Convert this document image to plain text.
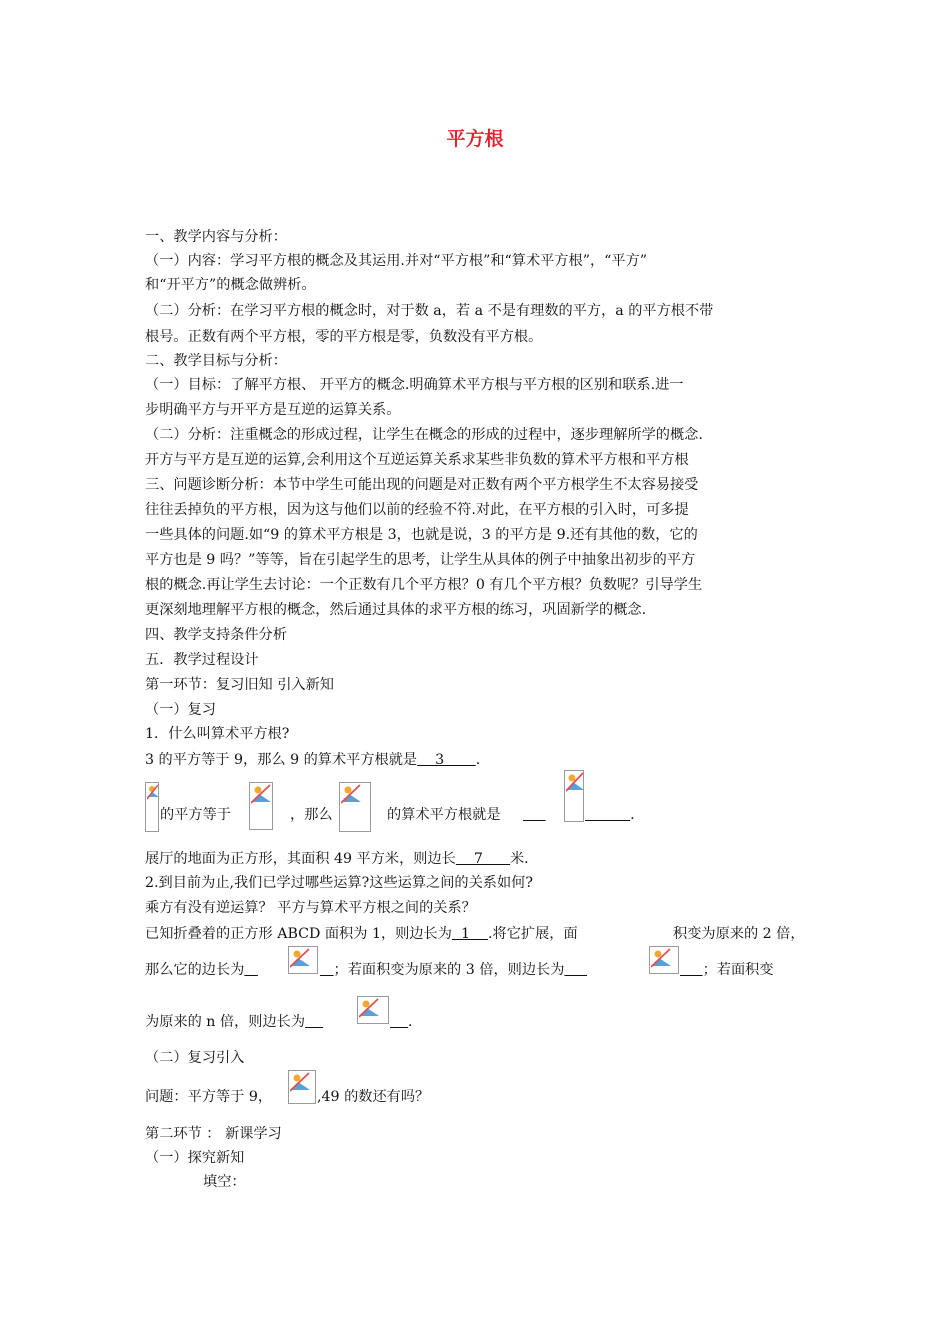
平方根
一、教学内容与分析：
（一）内容：学习平方根的概念及其运用.并对“平方根”和“算术平方根”，“平方”
和“开平方”的概念做辨析。
（二）分析：在学习平方根的概念时，对于数 a，若 a 不是有理数的平方，a 的平方根不带
根号。正数有两个平方根，零的平方根是零，负数没有平方根。
二、教学目标与分析：
（一）目标：了解平方根、 开平方的概念.明确算术平方根与平方根的区别和联系.进一
步明确平方与开平方是互逆的运算关系。
（二）分析：注重概念的形成过程，让学生在概念的形成的过程中，逐步理解所学的概念.
开方与平方是互逆的运算,会利用这个互逆运算关系求某些非负数的算术平方根和平方根
三、问题诊断分析：本节中学生可能出现的问题是对正数有两个平方根学生不太容易接受
往往丢掉负的平方根，因为这与他们以前的经验不符.对此，在平方根的引入时，可多提
一些具体的问题.如“9 的算术平方根是 3，也就是说，3 的平方是 9.还有其他的数，它的
平方也是 9 吗？”等等，旨在引起学生的思考，让学生从具体的例子中抽象出初步的平方
根的概念.再让学生去讨论：一个正数有几个平方根？0 有几个平方根？负数呢？引导学生
更深刻地理解平方根的概念，然后通过具体的求平方根的练习，巩固新学的概念.
四、教学支持条件分析
五．教学过程设计
第一环节：复习旧知 引入新知
（一）复习
1．什么叫算术平方根?
3 的平方等于 9，那么 9 的算术平方根就是    3       .
的平方等于	，那么	的算术平方根就是
	.
展厅的地面为正方形，其面积 49 平方米，则边长    7      米.
2.到目前为止,我们已学过哪些运算?这些运算之间的关系如何?
乘方有没有逆运算？ 平方与算术平方根之间的关系？
已知折叠着的正方形 ABCD 面积为 1，则边长为  1    .将它扩展，面	积变为原来的 2 倍，
那么它的边长为	；若面积变为原来的 3 倍，则边长为	；若面积变
为原来的 n 倍，则边长为	.
（二）复习引入
问题：平方等于 9，	,49 的数还有吗？
第二环节 ： 新课学习
（一）探究新知
填空：
